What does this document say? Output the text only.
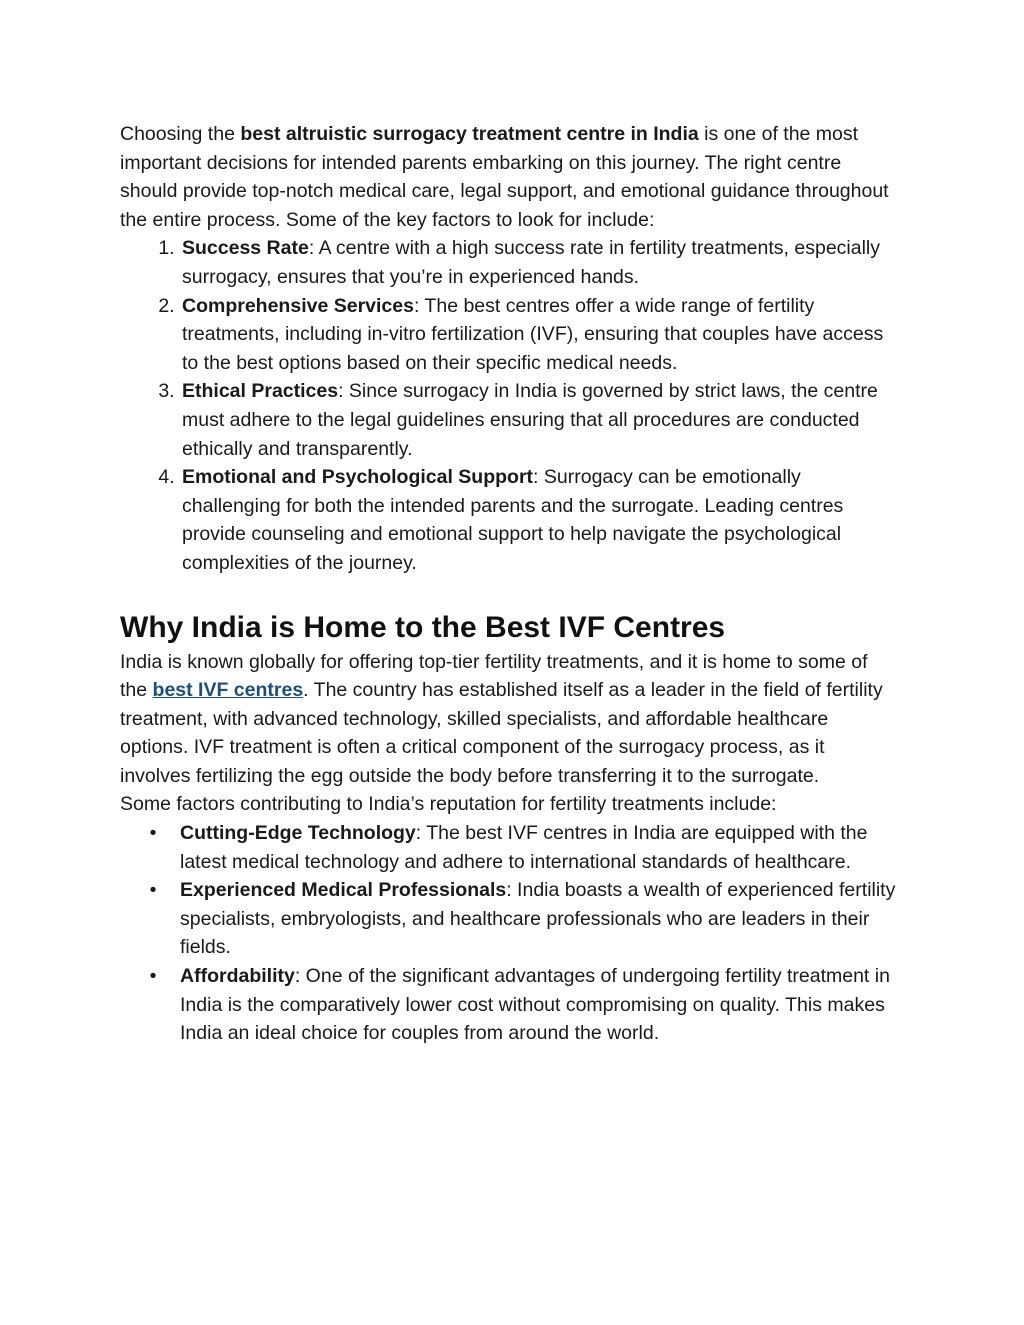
Choosing the best altruistic surrogacy treatment centre in India is one of the most important decisions for intended parents embarking on this journey. The right centre should provide top-notch medical care, legal support, and emotional guidance throughout the entire process. Some of the key factors to look for include:

1. Success Rate: A centre with a high success rate in fertility treatments, especially surrogacy, ensures that you’re in experienced hands.
2. Comprehensive Services: The best centres offer a wide range of fertility treatments, including in-vitro fertilization (IVF), ensuring that couples have access to the best options based on their specific medical needs.
3. Ethical Practices: Since surrogacy in India is governed by strict laws, the centre must adhere to the legal guidelines ensuring that all procedures are conducted ethically and transparently.
4. Emotional and Psychological Support: Surrogacy can be emotionally challenging for both the intended parents and the surrogate. Leading centres provide counseling and emotional support to help navigate the psychological complexities of the journey.
Why India is Home to the Best IVF Centres

India is known globally for offering top-tier fertility treatments, and it is home to some of the best IVF centres. The country has established itself as a leader in the field of fertility treatment, with advanced technology, skilled specialists, and affordable healthcare options. IVF treatment is often a critical component of the surrogacy process, as it involves fertilizing the egg outside the body before transferring it to the surrogate.

Some factors contributing to India’s reputation for fertility treatments include:

• Cutting-Edge Technology: The best IVF centres in India are equipped with the latest medical technology and adhere to international standards of healthcare.
• Experienced Medical Professionals: India boasts a wealth of experienced fertility specialists, embryologists, and healthcare professionals who are leaders in their fields.
• Affordability: One of the significant advantages of undergoing fertility treatment in India is the comparatively lower cost without compromising on quality. This makes India an ideal choice for couples from around the world.
